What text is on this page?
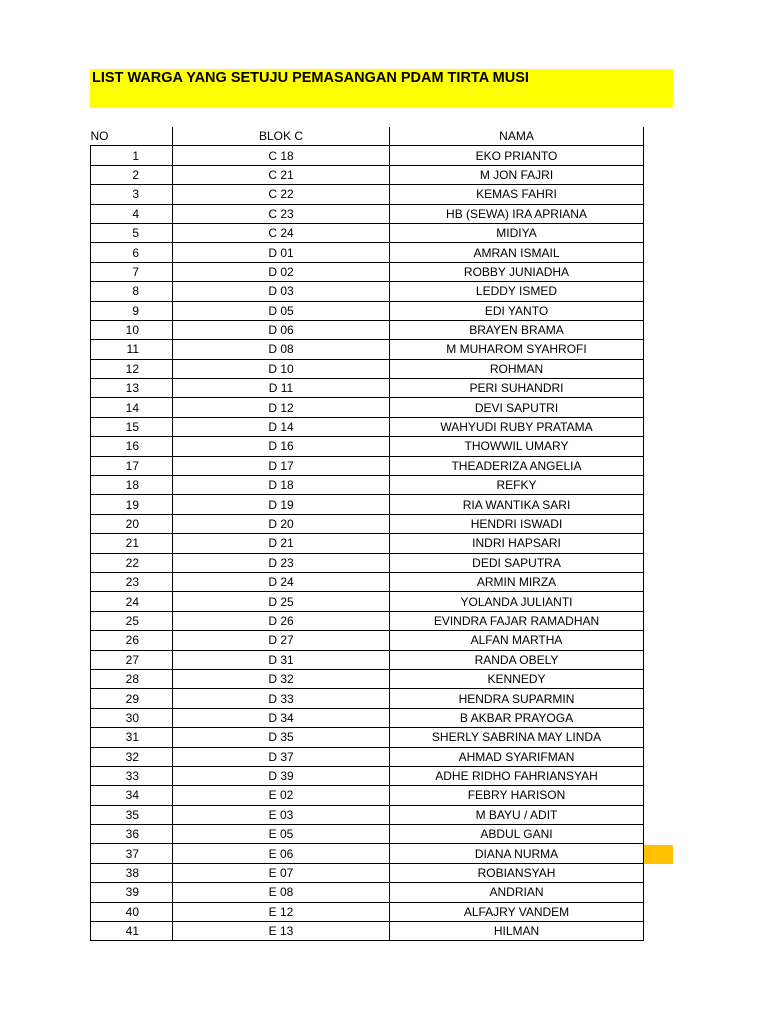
LIST WARGA YANG SETUJU PEMASANGAN PDAM TIRTA MUSI
NO	BLOK C	NAMA
1	C 18	EKO PRIANTO
2	C 21	M JON FAJRI
3	C 22	KEMAS FAHRI
4	C 23	HB (SEWA) IRA APRIANA
5	C 24	MIDIYA
6	D 01	AMRAN ISMAIL
7	D 02	ROBBY JUNIADHA
8	D 03	LEDDY ISMED
9	D 05	EDI YANTO
10	D 06	BRAYEN BRAMA
11	D 08	M MUHAROM SYAHROFI
12	D 10	ROHMAN
13	D 11	PERI SUHANDRI
14	D 12	DEVI SAPUTRI
15	D 14	WAHYUDI RUBY PRATAMA
16	D 16	THOWWIL UMARY
17	D 17	THEADERIZA ANGELIA
18	D 18	REFKY
19	D 19	RIA WANTIKA SARI
20	D 20	HENDRI ISWADI
21	D 21	INDRI HAPSARI
22	D 23	DEDI SAPUTRA
23	D 24	ARMIN MIRZA
24	D 25	YOLANDA JULIANTI
25	D 26	EVINDRA FAJAR RAMADHAN
26	D 27	ALFAN MARTHA
27	D 31	RANDA OBELY
28	D 32	KENNEDY
29	D 33	HENDRA SUPARMIN
30	D 34	B AKBAR PRAYOGA
31	D 35	SHERLY SABRINA MAY LINDA
32	D 37	AHMAD SYARIFMAN
33	D 39	ADHE RIDHO FAHRIANSYAH
34	E 02	FEBRY HARISON
35	E 03	M BAYU / ADIT
36	E 05	ABDUL GANI
37	E 06	DIANA NURMA
38	E 07	ROBIANSYAH
39	E 08	ANDRIAN
40	E 12	ALFAJRY VANDEM
41	E 13	HILMAN
